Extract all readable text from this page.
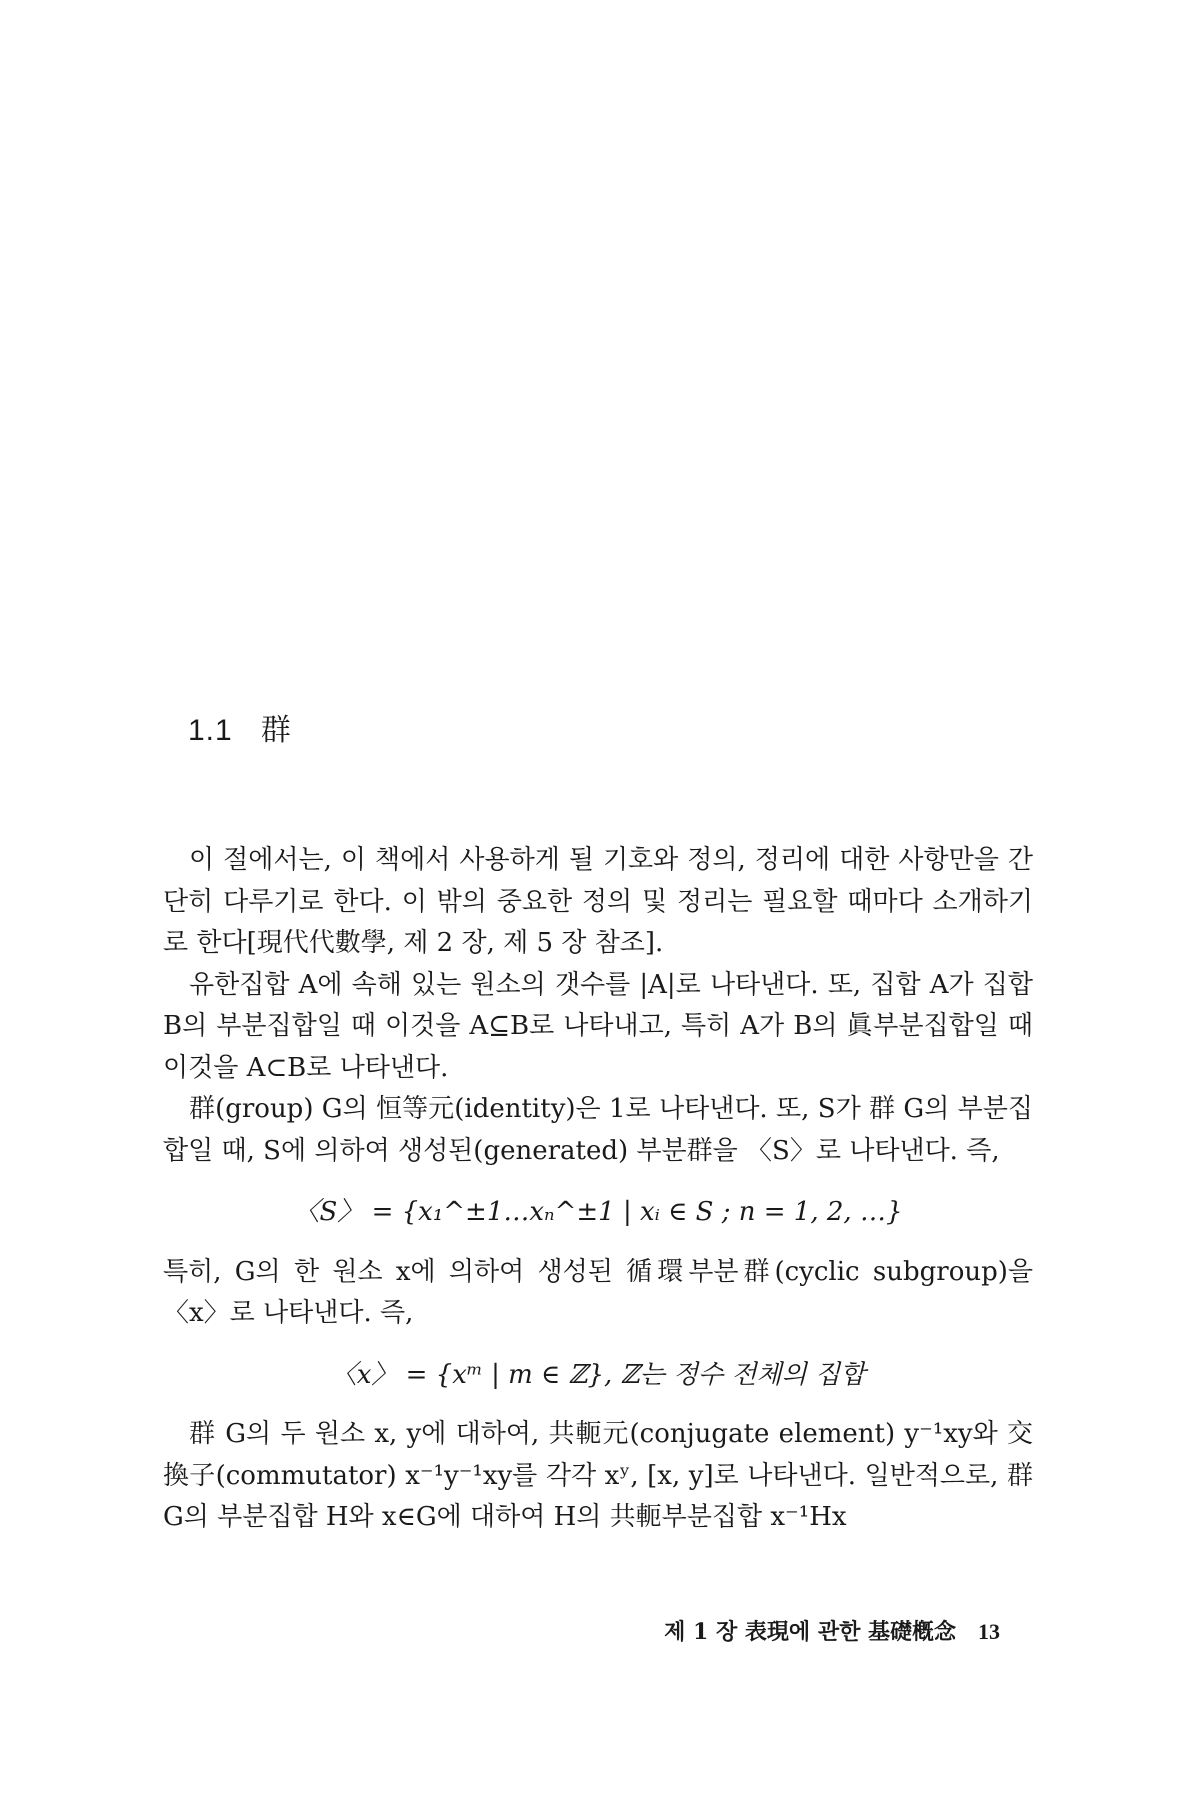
1.1 群

이 절에서는, 이 책에서 사용하게 될 기호와 정의, 정리에 대한 사항만을 간단히 다루기로 한다. 이 밖의 중요한 정의 및 정리는 필요할 때마다 소개하기로 한다[現代代數學, 제 2 장, 제 5 장 참조].

유한집합 A에 속해 있는 원소의 갯수를 |A|로 나타낸다. 또, 집합 A가 집합 B의 부분집합일 때 이것을 A⊆B로 나타내고, 특히 A가 B의 眞부분집합일 때 이것을 A⊂B로 나타낸다.

群(group) G의 恒等元(identity)은 1로 나타낸다. 또, S가 群 G의 부분집합일 때, S에 의하여 생성된(generated) 부분群을 〈S〉로 나타낸다. 즉,

〈S〉 = {x₁^±1…xₙ^±1 | xᵢ ∈ S ; n = 1, 2, …}

특히, G의 한 원소 x에 의하여 생성된 循環부분群(cyclic subgroup)을 〈x〉로 나타낸다. 즉,

〈x〉 = {xᵐ | m ∈ ℤ}, ℤ는 정수 전체의 집합

群 G의 두 원소 x, y에 대하여, 共軛元(conjugate element) y⁻¹xy와 交換子(commutator) x⁻¹y⁻¹xy를 각각 xʸ, [x, y]로 나타낸다. 일반적으로, 群 G의 부분집합 H와 x∈G에 대하여 H의 共軛부분집합 x⁻¹Hx

제 1 장 表現에 관한 基礎槪念 13
